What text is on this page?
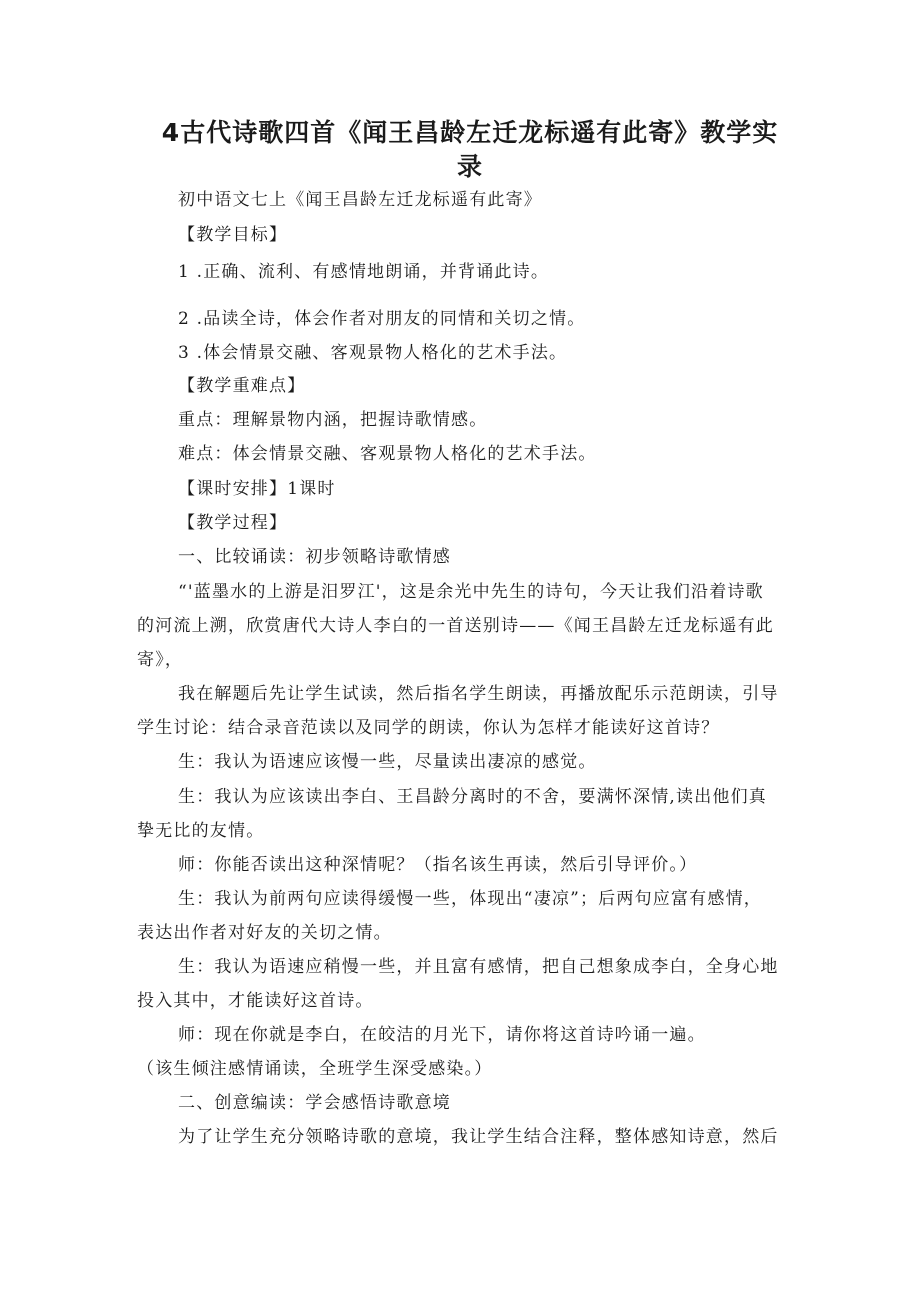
4古代诗歌四首《闻王昌龄左迁龙标遥有此寄》教学实
录
初中语文七上《闻王昌龄左迁龙标遥有此寄》
【教学目标】
1 .正确、流利、有感情地朗诵，并背诵此诗。
2 .品读全诗，体会作者对朋友的同情和关切之情。
3 .体会情景交融、客观景物人格化的艺术手法。
【教学重难点】
重点：理解景物内涵，把握诗歌情感。
难点：体会情景交融、客观景物人格化的艺术手法。
【课时安排】1课时
【教学过程】
一、比较诵读：初步领略诗歌情感
“'蓝墨水的上游是汨罗江'，这是余光中先生的诗句，今天让我们沿着诗歌
的河流上溯，欣赏唐代大诗人李白的一首送别诗——《闻王昌龄左迁龙标遥有此
寄》，
我在解题后先让学生试读，然后指名学生朗读，再播放配乐示范朗读，引导
学生讨论：结合录音范读以及同学的朗读，你认为怎样才能读好这首诗？
生：我认为语速应该慢一些，尽量读出凄凉的感觉。
生：我认为应该读出李白、王昌龄分离时的不舍，要满怀深情,读出他们真
挚无比的友情。
师：你能否读出这种深情呢？（指名该生再读，然后引导评价。）
生：我认为前两句应读得缓慢一些，体现出“凄凉”；后两句应富有感情，
表达出作者对好友的关切之情。
生：我认为语速应稍慢一些，并且富有感情，把自己想象成李白，全身心地
投入其中，才能读好这首诗。
师：现在你就是李白，在皎洁的月光下，请你将这首诗吟诵一遍。
（该生倾注感情诵读，全班学生深受感染。）
二、创意编读：学会感悟诗歌意境
为了让学生充分领略诗歌的意境，我让学生结合注释，整体感知诗意，然后
